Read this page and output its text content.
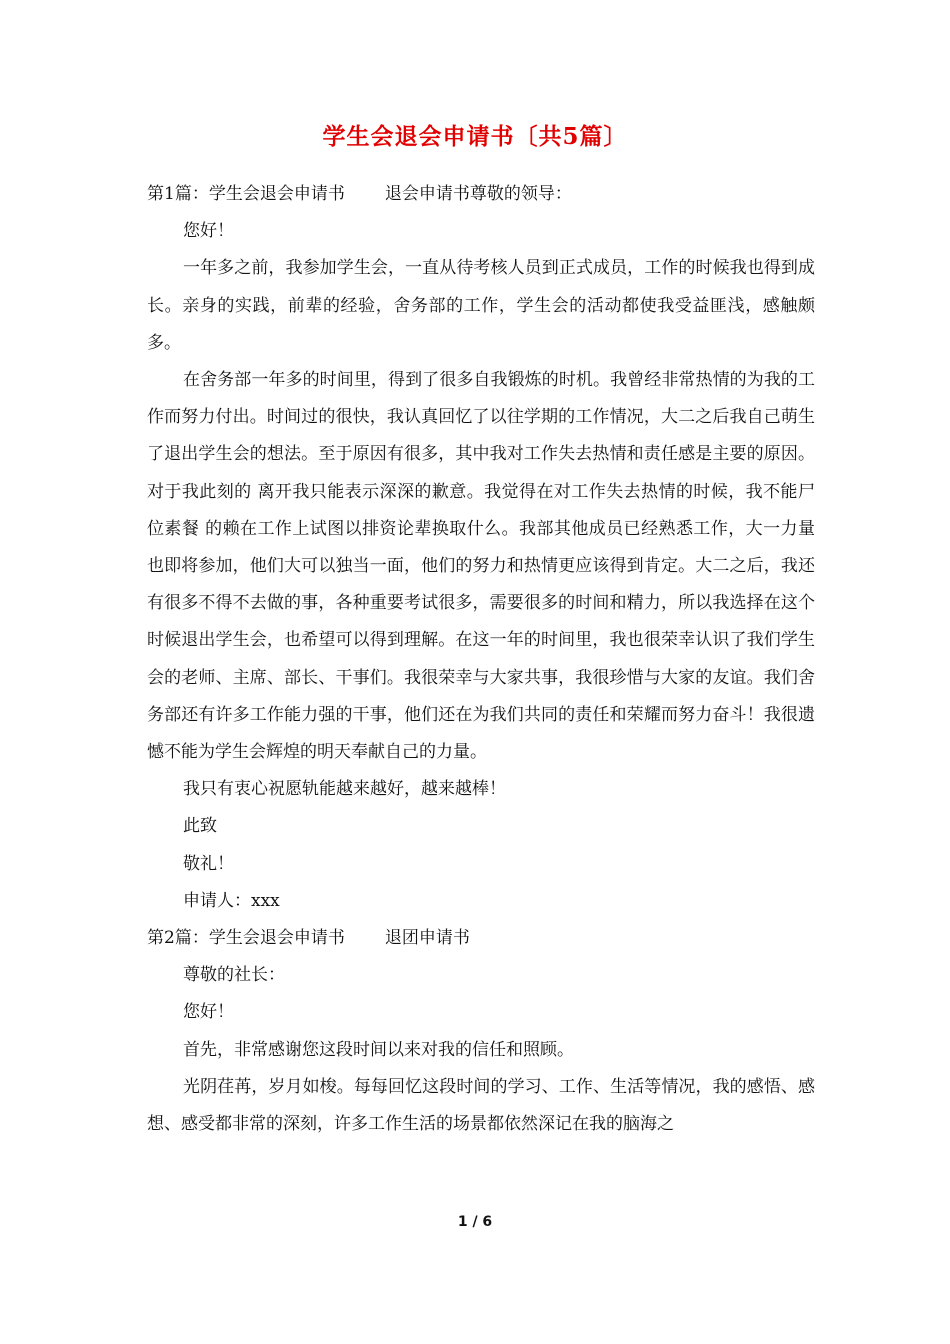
学生会退会申请书〔共5篇〕
第1篇：学生会退会申请书 退会申请书尊敬的领导：
您好！
一年多之前，我参加学生会，一直从待考核人员到正式成员，工作的时候我也得到成长。亲身的实践，前辈的经验，舍务部的工作，学生会的活动都使我受益匪浅，感触颇多。
在舍务部一年多的时间里，得到了很多自我锻炼的时机。我曾经非常热情的为我的工作而努力付出。时间过的很快，我认真回忆了以往学期的工作情况，大二之后我自己萌生了退出学生会的想法。至于原因有很多，其中我对工作失去热情和责任感是主要的原因。对于我此刻的 离开我只能表示深深的歉意。我觉得在对工作失去热情的时候，我不能尸位素餐 的赖在工作上试图以排资论辈换取什么。我部其他成员已经熟悉工作，大一力量也即将参加，他们大可以独当一面，他们的努力和热情更应该得到肯定。大二之后，我还有很多不得不去做的事，各种重要考试很多，需要很多的时间和精力，所以我选择在这个时候退出学生会，也希望可以得到理解。在这一年的时间里，我也很荣幸认识了我们学生会的老师、主席、部长、干事们。我很荣幸与大家共事，我很珍惜与大家的友谊。我们舍务部还有许多工作能力强的干事，他们还在为我们共同的责任和荣耀而努力奋斗！我很遗憾不能为学生会辉煌的明天奉献自己的力量。
我只有衷心祝愿轨能越来越好，越来越棒！
此致
敬礼！
申请人：xxx
第2篇：学生会退会申请书 退团申请书
尊敬的社长：
您好！
首先，非常感谢您这段时间以来对我的信任和照顾。
光阴荏苒，岁月如梭。每每回忆这段时间的学习、工作、生活等情况，我的感悟、感想、感受都非常的深刻，许多工作生活的场景都依然深记在我的脑海之
1 / 6
